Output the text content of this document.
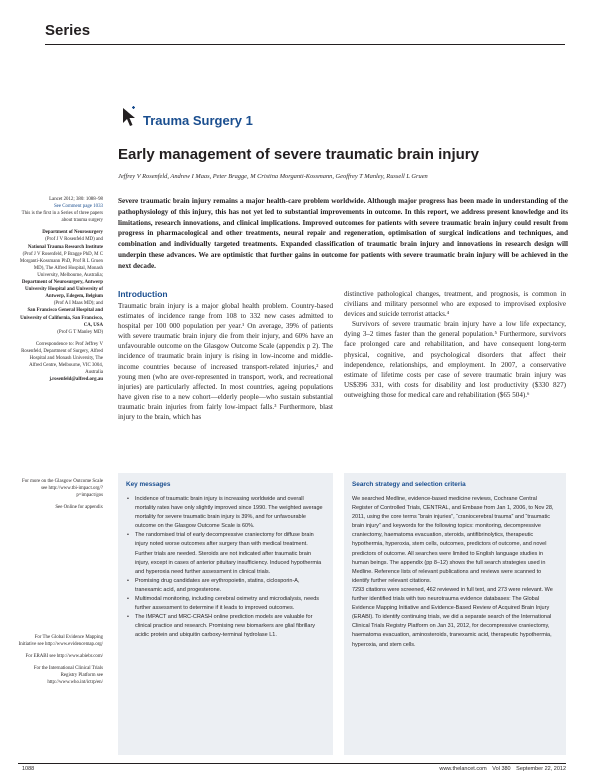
Series
Trauma Surgery 1
Early management of severe traumatic brain injury
Jeffrey V Rosenfeld, Andrew I Maas, Peter Bragge, M Cristina Morganti-Kossmann, Geoffrey T Manley, Russell L Gruen

Lancet 2012; 380: 1088–98
See Comment page 1033
This is the first in a Series of three papers about trauma surgery

Department of Neurosurgery
(Prof J V Rosenfeld MD) and
National Trauma Research Institute
(Prof J V Rosenfeld, P Bragge PhD, M C Morganti-Kossmann PhD, Prof R L Gruen MD), The Alfred Hospital, Monash University, Melbourne, Australia;
Department of Neurosurgery, Antwerp University Hospital and University of Antwerp, Edegem, Belgium
(Prof A I Maas MD); and
San Francisco General Hospital and University of California, San Francisco, CA, USA
(Prof G T Manley MD)

Correspondence to: Prof Jeffrey V Rosenfeld, Department of Surgery, Alfred Hospital and Monash University, The Alfred Centre, Melbourne, VIC 3004, Australia
j.rosenfeld@alfred.org.au

For more on the Glasgow Outcome Scale see http://www.tbi-impact.org/?p=impact/gos

See Online for appendix

For The Global Evidence Mapping Initiative see http://www.evidencemap.org/

For ERABI see http://www.abiebr.com/

For the International Clinical Trials Registry Platform see http://www.who.int/ictrp/en/

Severe traumatic brain injury remains a major health-care problem worldwide. Although major progress has been made in understanding of the pathophysiology of this injury, this has not yet led to substantial improvements in outcome. In this report, we address present knowledge and its limitations, research innovations, and clinical implications. Improved outcomes for patients with severe traumatic brain injury could result from progress in pharmacological and other treatments, neural repair and regeneration, optimisation of surgical indications and techniques, and combination and individually targeted treatments. Expanded classification of traumatic brain injury and innovations in research design will underpin these advances. We are optimistic that further gains in outcome for patients with severe traumatic brain injury will be achieved in the next decade.
Introduction

Traumatic brain injury is a major global health problem. Country-based estimates of incidence range from 108 to 332 new cases admitted to hospital per 100 000 population per year.¹ On average, 39% of patients with severe traumatic brain injury die from their injury, and 60% have an unfavourable outcome on the Glasgow Outcome Scale (appendix p 2). The incidence of traumatic brain injury is rising in low-income and middle-income countries because of increased transport-related injuries,² and young men (who are over-represented in transport, work, and recreational injuries) are particularly affected. In most countries, ageing populations have given rise to a new cohort—elderly people—who sustain substantial traumatic brain injuries from fairly low-impact falls.³ Furthermore, blast injury to the brain, which has

distinctive pathological changes, treatment, and prognosis, is common in civilians and military personnel who are exposed to improvised explosive devices and suicide terrorist attacks.⁴

Survivors of severe traumatic brain injury have a low life expectancy, dying 3–2 times faster than the general population.⁵ Furthermore, survivors face prolonged care and rehabilitation, and have consequent long-term physical, cognitive, and psychological disorders that affect their independence, relationships, and employment. In 2007, a conservative estimate of lifetime costs per case of severe traumatic brain injury was US$396 331, with costs for disability and lost productivity ($330 827) outweighing those for medical care and rehabilitation ($65 504).⁶

Key messages
• Incidence of traumatic brain injury is increasing worldwide and overall mortality rates have only slightly improved since 1990. The weighted average mortality for severe traumatic brain injury is 39%, and for unfavourable outcome on the Glasgow Outcome Scale is 60%.
• The randomised trial of early decompressive craniectomy for diffuse brain injury noted worse outcomes after surgery than with medical treatment. Further trials are needed. Steroids are not indicated after traumatic brain injury, except in cases of anterior pituitary insufficiency. Induced hypothermia and hyperoxia need further assessment in clinical trials.
• Promising drug candidates are erythropoietin, statins, ciclosporin-A, tranexamic acid, and progesterone.
• Multimodal monitoring, including cerebral oximetry and microdialysis, needs further assessment to determine if it leads to improved outcomes.
• The IMPACT and MRC-CRASH online prediction models are valuable for clinical practice and research. Promising new biomarkers are glial fibrillary acidic protein and ubiquitin carboxy-terminal hydrolase L1.
Search strategy and selection criteria

We searched Medline, evidence-based medicine reviews, Cochrane Central Register of Controlled Trials, CENTRAL, and Embase from Jan 1, 2006, to Nov 28, 2011, using the core terms “brain injuries”, “craniocerebral trauma” and “traumatic brain injury” and keywords for the following topics: monitoring, decompressive craniectomy, haematoma evacuation, steroids, antifibrinolytics, therapeutic hypothermia, hyperoxia, stem cells, outcomes, predictors of outcome, and novel predictors of outcome. All searches were limited to English language studies in human beings. The appendix (pp 8–12) shows the full search strategies used in Medline. Reference lists of relevant publications and reviews were scanned to identify further relevant citations.

7293 citations were screened, 462 reviewed in full text, and 273 were relevant. We further identified trials with two neurotrauma evidence databases: The Global Evidence Mapping Initiative and Evidence-Based Review of Acquired Brain Injury (ERABI). To identify continuing trials, we did a separate search of the International Clinical Trials Registry Platform on Jan 31, 2012, for decompressive craniectomy, haematoma evacuation, aminosteroids, tranexamic acid, therapeutic hypothermia, hyperoxia, and stem cells.

1088	www.thelancet.com Vol 380 September 22, 2012
